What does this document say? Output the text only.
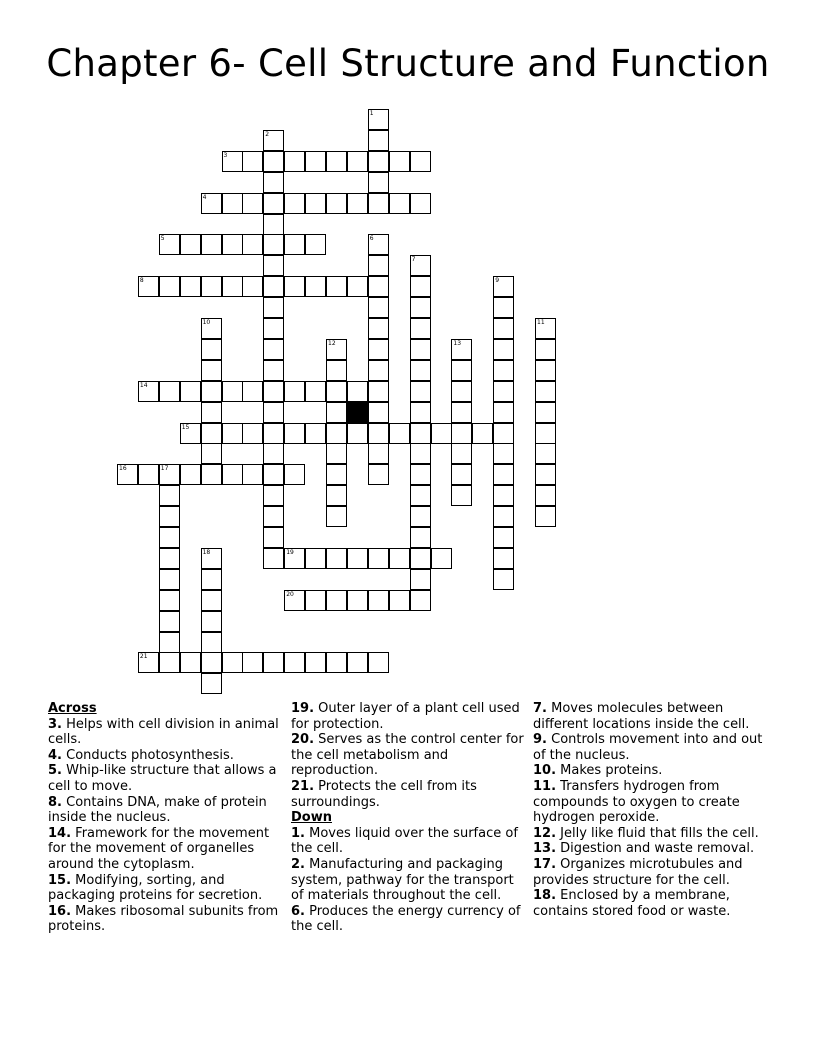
Chapter 6- Cell Structure and Function
1
2
3
4
5	6
7
8	9
10	11
12	13
14
15
16	17
18	19
20
21
Across
3. Helps with cell division in animal cells.
4. Conducts photosynthesis.
5. Whip-like structure that allows a cell to move.
8. Contains DNA, make of protein inside the nucleus.
14. Framework for the movement for the movement of organelles around the cytoplasm.
15. Modifying, sorting, and packaging proteins for secretion.
16. Makes ribosomal subunits from proteins.
19. Outer layer of a plant cell used for protection.
20. Serves as the control center for the cell metabolism and reproduction.
21. Protects the cell from its surroundings.
Down
1. Moves liquid over the surface of the cell.
2. Manufacturing and packaging system, pathway for the transport of materials throughout the cell.
6. Produces the energy currency of the cell.
7. Moves molecules between different locations inside the cell.
9. Controls movement into and out of the nucleus.
10. Makes proteins.
11. Transfers hydrogen from compounds to oxygen to create hydrogen peroxide.
12. Jelly like fluid that fills the cell.
13. Digestion and waste removal.
17. Organizes microtubules and provides structure for the cell.
18. Enclosed by a membrane, contains stored food or waste.
